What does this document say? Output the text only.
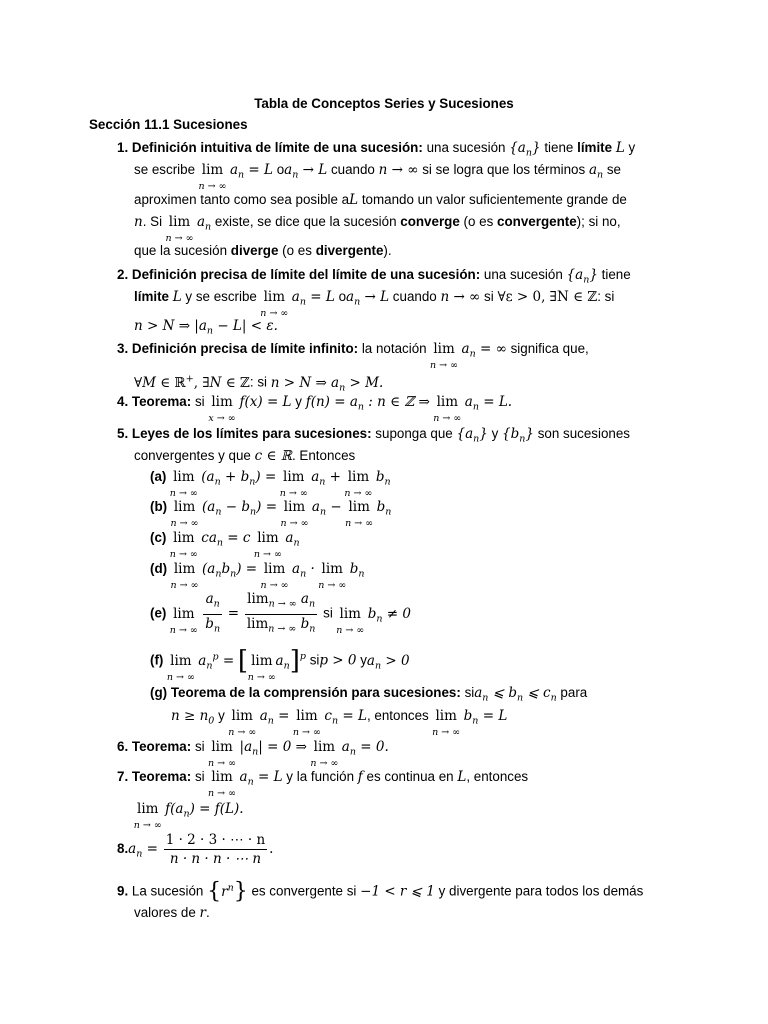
Tabla de Conceptos Series y Sucesiones
Sección 11.1 Sucesiones
1. Definición intuitiva de límite de una sucesión: una sucesión $\{a_n\}$ tiene límite L y
se escribe lim
n → ∞
$a_n = L$ $oa_n \to L$ cuando n → ∞ si se logra que los términos $a_n$ se
aproximen tanto como sea posible aL tomando un valor suficientemente grande de
n. Si lim
n → ∞
$a_n$ existe, se dice que la sucesión converge (o es convergente); si no,
que la sucesión diverge (o es divergente).
2. Definición precisa de límite del límite de una sucesión: una sucesión $\{a_n\}$ tiene
límite L y se escribe lim
n → ∞
$a_n = L$ $oa_n \to L$ cuando n → ∞ si ∀ε > 0, ∃N ∈ ℤ: si
n > N ⇒ $|a_n - L| < \varepsilon$.
3. Definición precisa de límite infinito: la notación lim
n → ∞
$a_n$ = ∞ significa que,
∀M ∈ ℝ+, ∃N ∈ ℤ: si n > N ⇒ $a_n > M$.
4. Teorema: si lim
x → ∞
f(x) = L y $f(n) = a_n$ : n ∈ ℤ ⇒ lim
n → ∞
$a_n = L$.
5. Leyes de los límites para sucesiones: suponga que $\{a_n\}$ y $\{b_n\}$ son sucesiones
convergentes y que c ∈ ℝ. Entonces
(a) lim
n → ∞
$(a_n + b_n) = \lim$
n → ∞
$a_n + \lim$
n → ∞
$b_n$
(b) lim
n → ∞
$(a_n - b_n) = \lim$
n → ∞
$a_n - \lim$
n → ∞
$b_n$
(c) lim
n → ∞
$ca_n = c$ lim
n → ∞
$a_n$
(d) lim
n → ∞
$(a_nb_n) = \lim$
n → ∞
$a_n \cdot \lim$
n → ∞
$b_n$
(e) lim
n → ∞
$\frac{a_n}{b_n} = \frac{\lim_{n \to \infty} a_n}{\lim_{n \to \infty} b_n}$ si lim
n → ∞
$b_n \ne 0$
(f) lim
n → ∞
$a_n^p$ = [ lim
n → ∞
$a_n]^p$ sip > 0 $ya_n > 0$
(g) Teorema de la comprensión para sucesiones: sia$_n$ ⩽ $b_n$ ⩽ $c_n$ para
$n \ge n_0$ y lim
n → ∞
$a_n = \lim$
n → ∞
$c_n = L$, entonces lim
n → ∞
$b_n = L$
6. Teorema: si lim
n → ∞
$|a_n| = 0$ ⇒ lim
n → ∞
$a_n = 0$.
7. Teorema: si lim
n → ∞
$a_n = L$ y la función f es continua en L, entonces
lim
n → ∞
$f(a_n) = f(L)$.
$8.a_n = \frac{1 \cdot 2 \cdot 3 \cdot \cdots \cdot n}{n \cdot n \cdot n \cdot \cdots n}$ .
9. La sucesión $\{r^n\}$ es convergente si −1 < r ⩽ 1 y divergente para todos los demás
valores de r.
